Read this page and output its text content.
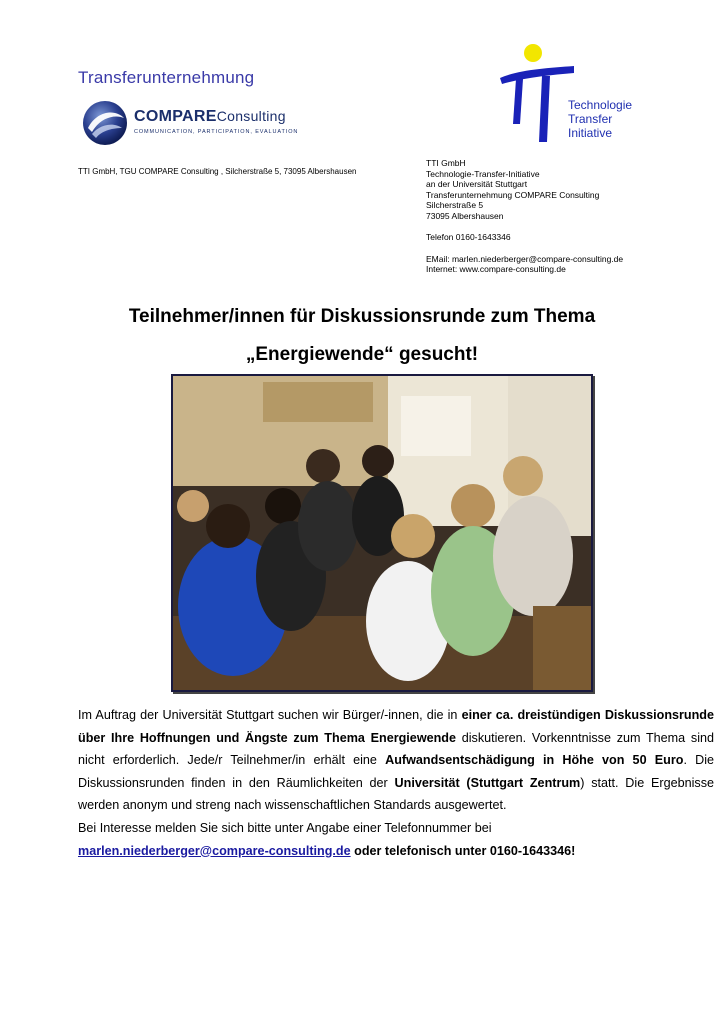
Transferunternehmung
COMPAREConsulting
COMMUNICATION, PARTICIPATION, EVALUATION
TTI GmbH, TGU COMPARE Consulting , Silcherstraße 5, 73095 Albershausen
Technologie
Transfer
Initiative
TTI GmbH
Technologie-Transfer-Initiative
an der Universität Stuttgart
Transferunternehmung COMPARE Consulting
Silcherstraße 5
73095 Albershausen
Telefon 0160-1643346
EMail: marlen.niederberger@compare-consulting.de
Internet: www.compare-consulting.de
Teilnehmer/innen für Diskussionsrunde zum Thema
„Energiewende“ gesucht!

Im Auftrag der Universität Stuttgart suchen wir Bürger/-innen, die in einer ca. dreistündigen Diskussionsrunde über Ihre Hoffnungen und Ängste zum Thema Energiewende diskutieren. Vorkenntnisse zum Thema sind nicht erforderlich. Jede/r Teilnehmer/in erhält eine Aufwandsentschädigung in Höhe von 50 Euro. Die Diskussionsrunden finden in den Räumlichkeiten der Universität (Stuttgart Zentrum) statt. Die Ergebnisse werden anonym und streng nach wissenschaftlichen Standards ausgewertet.

Bei Interesse melden Sie sich bitte unter Angabe einer Telefonnummer bei
marlen.niederberger@compare-consulting.de oder telefonisch unter 0160-1643346!
